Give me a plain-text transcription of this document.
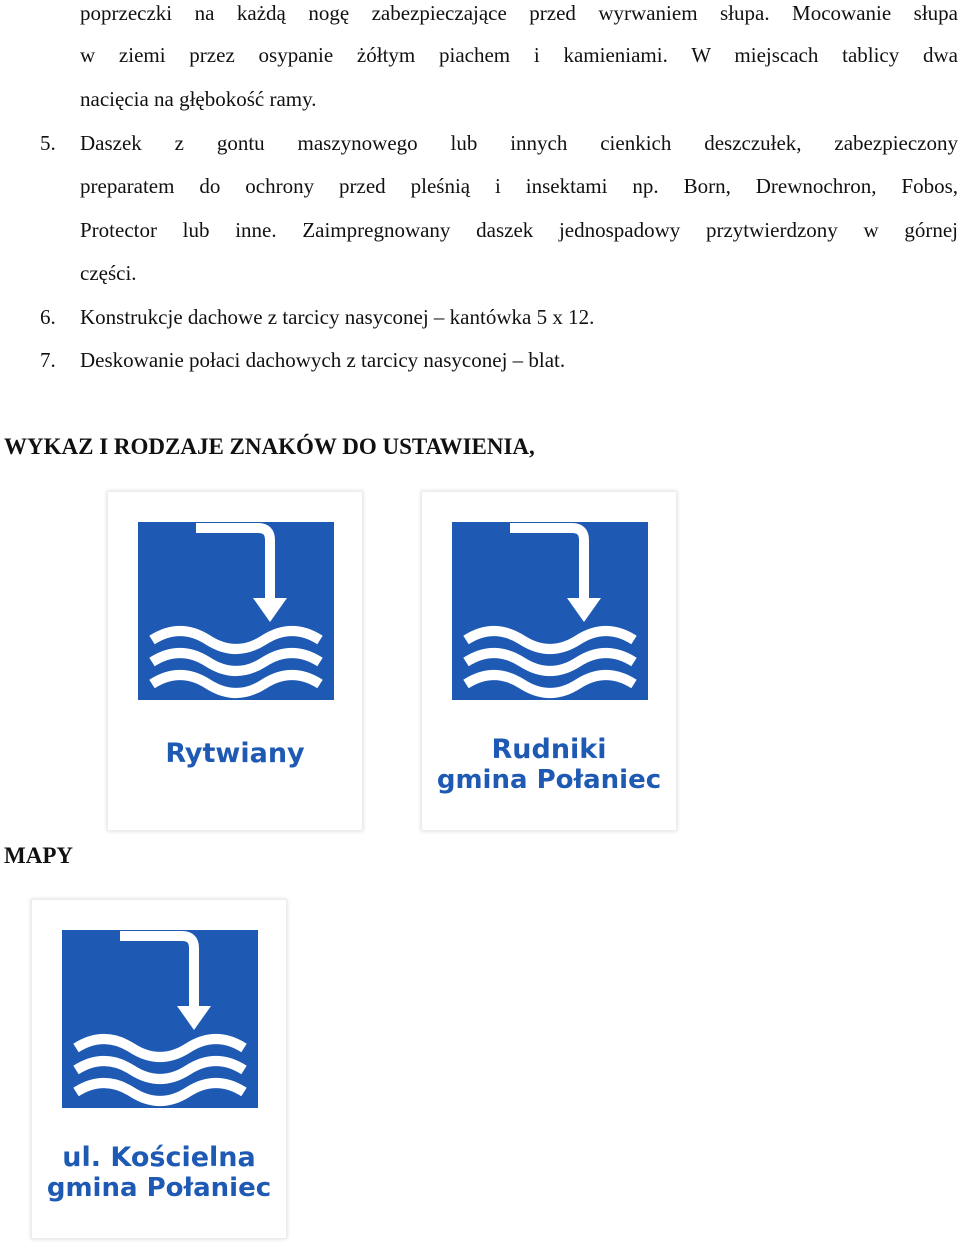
poprzeczki na każdą nogę zabezpieczające przed wyrwaniem słupa. Mocowanie słupa
w ziemi przez osypanie żółtym piachem i kamieniami. W miejscach tablicy dwa
nacięcia na głębokość ramy.
5. Daszek z gontu maszynowego lub innych cienkich deszczułek, zabezpieczony
preparatem do ochrony przed pleśnią i insektami np. Born, Drewnochron, Fobos,
Protector lub inne. Zaimpregnowany daszek jednospadowy przytwierdzony w górnej
części.
6. Konstrukcje dachowe z tarcicy nasyconej – kantówka 5 x 12.
7. Deskowanie połaci dachowych z tarcicy nasyconej – blat.
WYKAZ I RODZAJE ZNAKÓW DO USTAWIENIA,
Rytwiany	Rudniki
gmina Połaniec
MAPY
ul. Kościelna
gmina Połaniec
